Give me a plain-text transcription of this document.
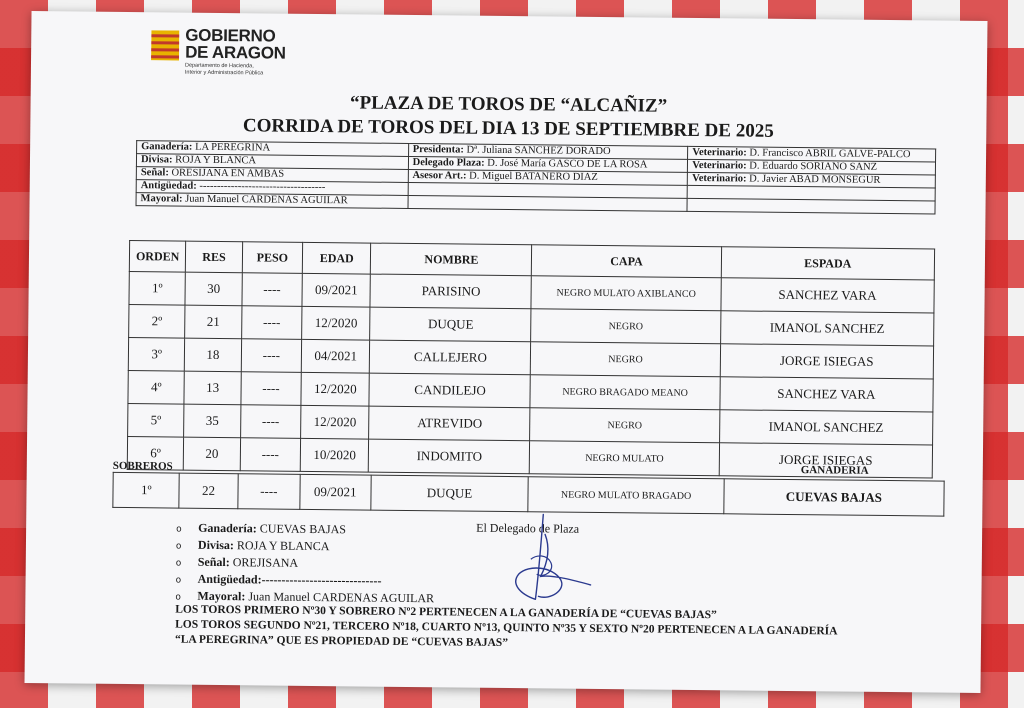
GOBIERNO
DE ARAGON
Departamento de Hacienda,
Interior y Administración Pública
“PLAZA DE TOROS DE “ALCAÑIZ”
CORRIDA DE TOROS DEL DIA 13 DE SEPTIEMBRE DE 2025
Ganadería: LA PEREGRINA	Presidenta: Dª. Juliana SANCHEZ DORADO	Veterinario: D. Francisco ABRIL GALVE-PALCO
Divisa: ROJA Y BLANCA	Delegado Plaza: D. José María GASCO DE LA ROSA	Veterinario: D. Eduardo SORIANO SANZ
Señal: ORESIJANA EN AMBAS	Asesor Art.: D. Miguel BATANERO DIAZ	Veterinario: D. Javier ABAD MONSEGUR
Antigüedad: ------------------------------------		
Mayoral: Juan Manuel CARDENAS AGUILAR		
ORDEN	RES	PESO	EDAD	NOMBRE	CAPA	ESPADA
1º	30	----	09/2021	PARISINO	NEGRO MULATO AXIBLANCO	SANCHEZ VARA
2º	21	----	12/2020	DUQUE	NEGRO	IMANOL SANCHEZ
3º	18	----	04/2021	CALLEJERO	NEGRO	JORGE ISIEGAS
4º	13	----	12/2020	CANDILEJO	NEGRO BRAGADO MEANO	SANCHEZ VARA
5º	35	----	12/2020	ATREVIDO	NEGRO	IMANOL SANCHEZ
6º	20	----	10/2020	INDOMITO	NEGRO MULATO	JORGE ISIEGAS
SOBREROS	GANADERIA
1º	22	----	09/2021	DUQUE	NEGRO MULATO BRAGADO	CUEVAS BAJAS
o Ganadería: CUEVAS BAJAS
o Divisa: ROJA Y BLANCA
o Señal: OREJISANA
o Antigüedad:------------------------------
o Mayoral: Juan Manuel CARDENAS AGUILAR
El Delegado de Plaza
LOS TOROS PRIMERO Nº30 Y SOBRERO Nº2 PERTENECEN A LA GANADERÍA DE “CUEVAS BAJAS”
LOS TOROS SEGUNDO Nº21, TERCERO Nº18, CUARTO Nº13, QUINTO Nº35 Y SEXTO Nº20 PERTENECEN A LA GANADERÍA
“LA PEREGRINA” QUE ES PROPIEDAD DE “CUEVAS BAJAS”
